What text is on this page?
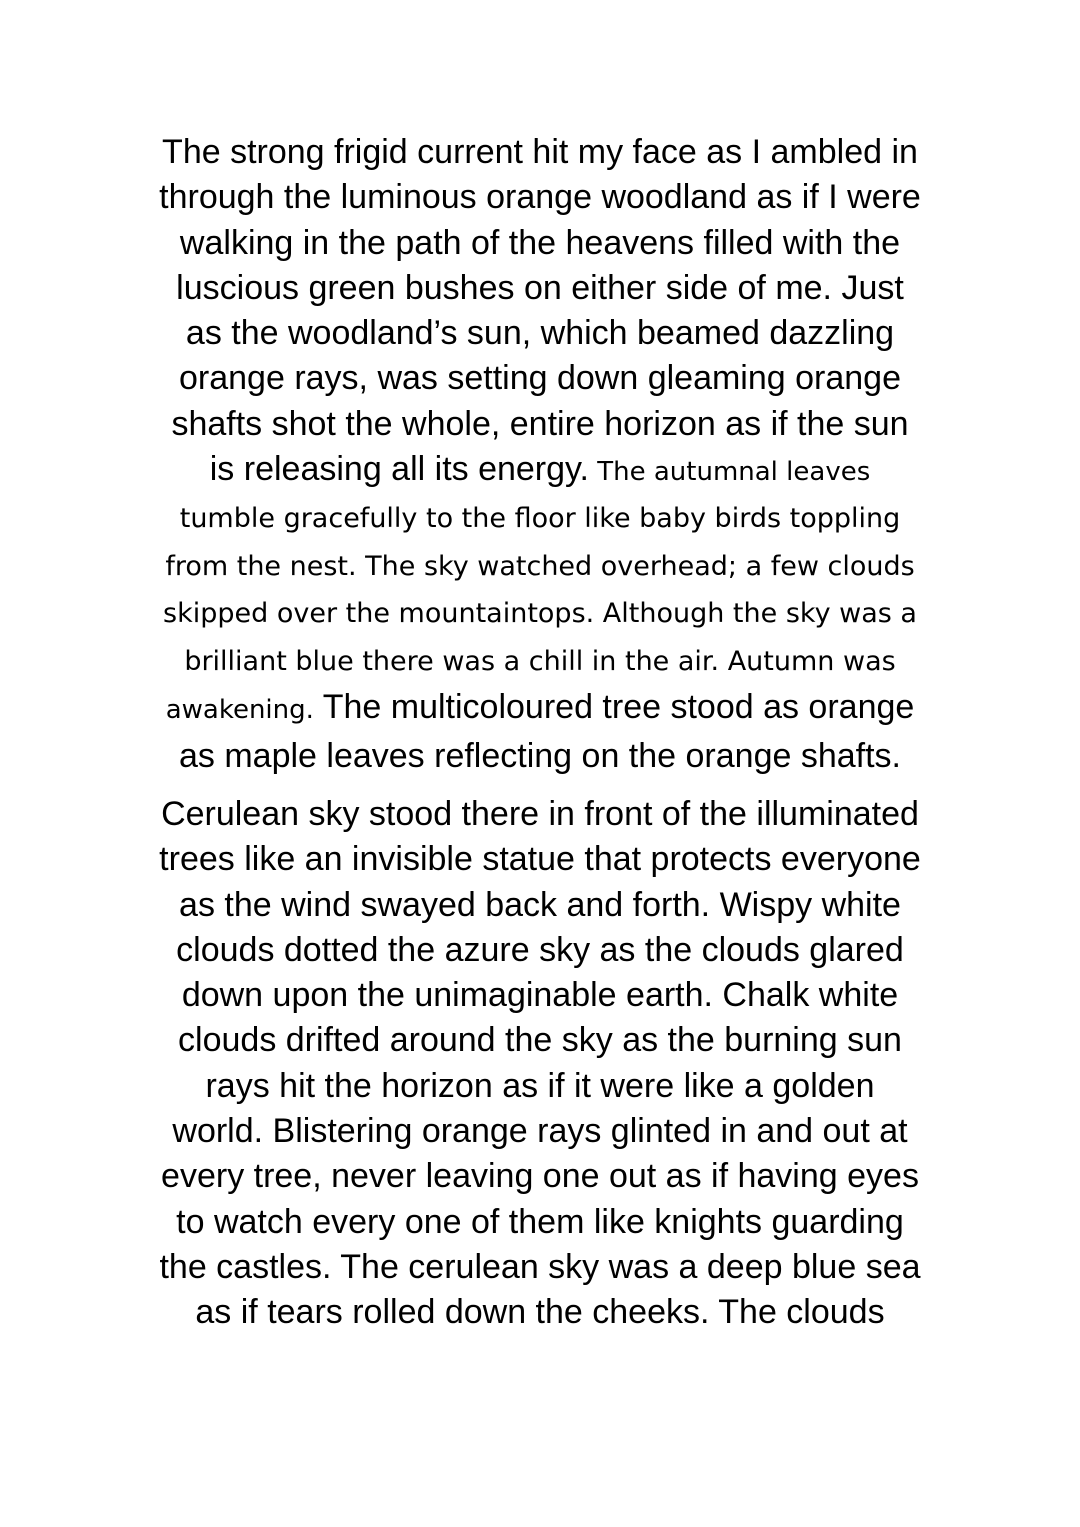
The strong frigid current hit my face as I ambled in
through the luminous orange woodland as if I were
walking in the path of the heavens filled with the
luscious green bushes on either side of me. Just
as the woodland’s sun, which beamed dazzling
orange rays, was setting down gleaming orange
shafts shot the whole, entire horizon as if the sun
is releasing all its energy. The autumnal leaves
tumble gracefully to the floor like baby birds toppling
from the nest. The sky watched overhead; a few clouds
skipped over the mountaintops. Although the sky was a
brilliant blue there was a chill in the air. Autumn was
awakening. The multicoloured tree stood as orange
as maple leaves reflecting on the orange shafts.
Cerulean sky stood there in front of the illuminated
trees like an invisible statue that protects everyone
as the wind swayed back and forth. Wispy white
clouds dotted the azure sky as the clouds glared
down upon the unimaginable earth. Chalk white
clouds drifted around the sky as the burning sun
rays hit the horizon as if it were like a golden
world. Blistering orange rays glinted in and out at
every tree, never leaving one out as if having eyes
to watch every one of them like knights guarding
the castles. The cerulean sky was a deep blue sea
as if tears rolled down the cheeks. The clouds
